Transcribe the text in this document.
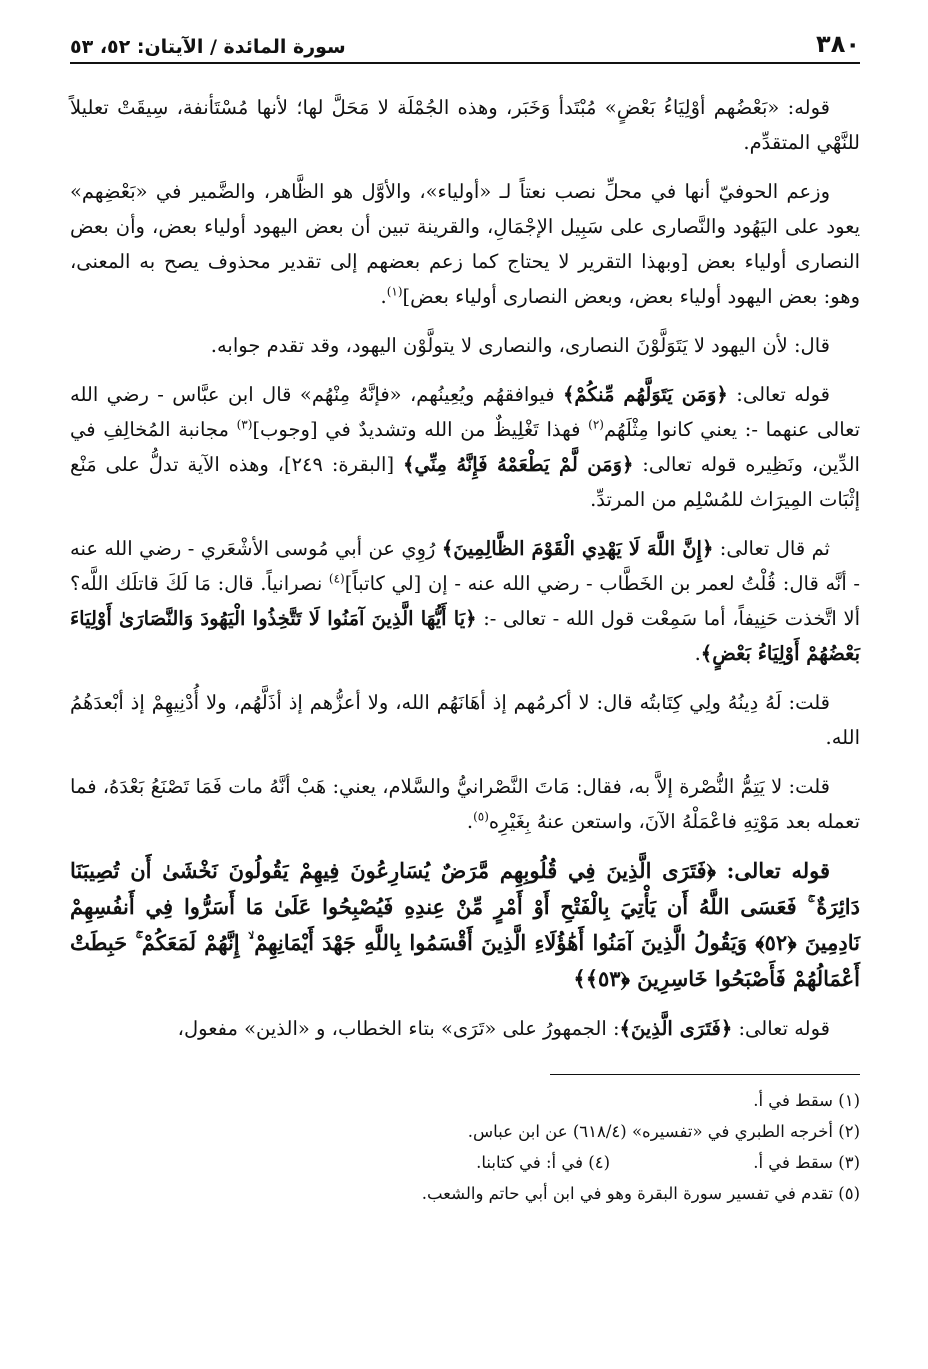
٣٨٠
سورة المائدة / الآيتان: ٥٢، ٥٣

قوله: «بَعْضُهم أوْلِيَاءُ بَعْضٍ» مُبْتَدأ وَخَبَر، وهذه الجُمْلَة لا مَحَلَّ لها؛ لأنها مُسْتَأنفة، سِيقَتْ تعليلاً للنَّهْي المتقدِّم.

وزعم الحوفيّ أنها في محلِّ نصب نعتاً لـ «أولياء»، والأوَّل هو الظَّاهر، والضَّمير في «بَعْضِهم» يعود على اليَهُود والنَّصارى على سَبِيل الإجْمَالِ، والقرينة تبين أن بعض اليهود أولياء بعض، وأن بعض النصارى أولياء بعض [وبهذا التقرير لا يحتاج كما زعم بعضهم إلى تقدير محذوف يصح به المعنى، وهو: بعض اليهود أولياء بعض، وبعض النصارى أولياء بعض]$^{(١)}$.

قال: لأن اليهود لا يَتَوَلَّوْنَ النصارى، والنصارى لا يتولَّوْن اليهود، وقد تقدم جوابه.

قوله تعالى: ﴿وَمَن يَتَوَلَّهُم مِّنكُمْ﴾ فيوافقهُم ويُعِينُهم، «فإنَّهُ مِنْهُم» قال ابن عبَّاس - رضي الله تعالى عنهما -: يعني كانوا مِثْلَهُم$^{(٢)}$ فهذا تَغْلِيظٌ من الله وتشديدٌ في [وجوب]$^{(٣)}$ مجانبة المُخالِفِ في الدِّين، ونَظِيره قوله تعالى: ﴿وَمَن لَّمْ يَطْعَمْهُ فَإِنَّهُ مِنِّي﴾ [البقرة: ٢٤٩]، وهذه الآية تدلُّ على مَنْع إثْبَات المِيرَاث للمُسْلِم من المرتدِّ.

ثم قال تعالى: ﴿إِنَّ اللَّهَ لَا يَهْدِي الْقَوْمَ الظَّالِمِينَ﴾ رُوِي عن أبي مُوسى الأشْعَري - رضي الله عنه - أنَّه قال: قُلْتُ لعمر بن الخَطَّاب - رضي الله عنه - إن [لي كاتباً]$^{(٤)}$ نصرانياً. قال: مَا لَكَ قاتلَك اللَّه؟ ألا اتَّخذت حَنِيفاً، أما سَمِعْت قول الله - تعالى -: ﴿يَا أَيُّهَا الَّذِينَ آمَنُوا لَا تَتَّخِذُوا الْيَهُودَ وَالنَّصَارَىٰ أَوْلِيَاءَ بَعْضُهُمْ أَوْلِيَاءُ بَعْضٍ﴾.

قلت: لَهُ دِينُهُ ولِي كِتَابتُه قال: لا أكرمُهم إذ أهَانَهُم الله، ولا أعزُّهم إذ أذَلَّهُم، ولا أُدْنِيهِمْ إذ أبْعدَهُمُ الله.

قلت: لا يَتِمُّ النُّصْرة إلاَّ به، فقال: مَاتَ النَّصْرانيُّ والسَّلام، يعني: هَبْ أنَّهُ مات فَمَا تَصْنَعُ بَعْدَهُ، فما تعمله بعد مَوْتِهِ فاعْمَلْهُ الآنَ، واستعن عنهُ بِغَيْرِه$^{(٥)}$.

قوله تعالى: ﴿فَتَرَى الَّذِينَ فِي قُلُوبِهِم مَّرَضٌ يُسَارِعُونَ فِيهِمْ يَقُولُونَ نَخْشَىٰ أَن تُصِيبَنَا دَائِرَةٌ ۚ فَعَسَى اللَّهُ أَن يَأْتِيَ بِالْفَتْحِ أَوْ أَمْرٍ مِّنْ عِندِهِ فَيُصْبِحُوا عَلَىٰ مَا أَسَرُّوا فِي أَنفُسِهِمْ نَادِمِينَ ﴿٥٢﴾ وَيَقُولُ الَّذِينَ آمَنُوا أَهَٰؤُلَاءِ الَّذِينَ أَقْسَمُوا بِاللَّهِ جَهْدَ أَيْمَانِهِمْ ۙ إِنَّهُمْ لَمَعَكُمْ ۚ حَبِطَتْ أَعْمَالُهُمْ فَأَصْبَحُوا خَاسِرِينَ ﴿٥٣﴾﴾

قوله تعالى: ﴿فَتَرَى الَّذِينَ﴾: الجمهورُ على «تَرَى» بتاء الخطاب، و «الذين» مفعول،

(١) سقط في أ.

(٢) أخرجه الطبري في «تفسيره» (٦١٨/٤) عن ابن عباس.

(٣) سقط في أ.

(٤) في أ: في كتابنا.

(٥) تقدم في تفسير سورة البقرة وهو في ابن أبي حاتم والشعب.
